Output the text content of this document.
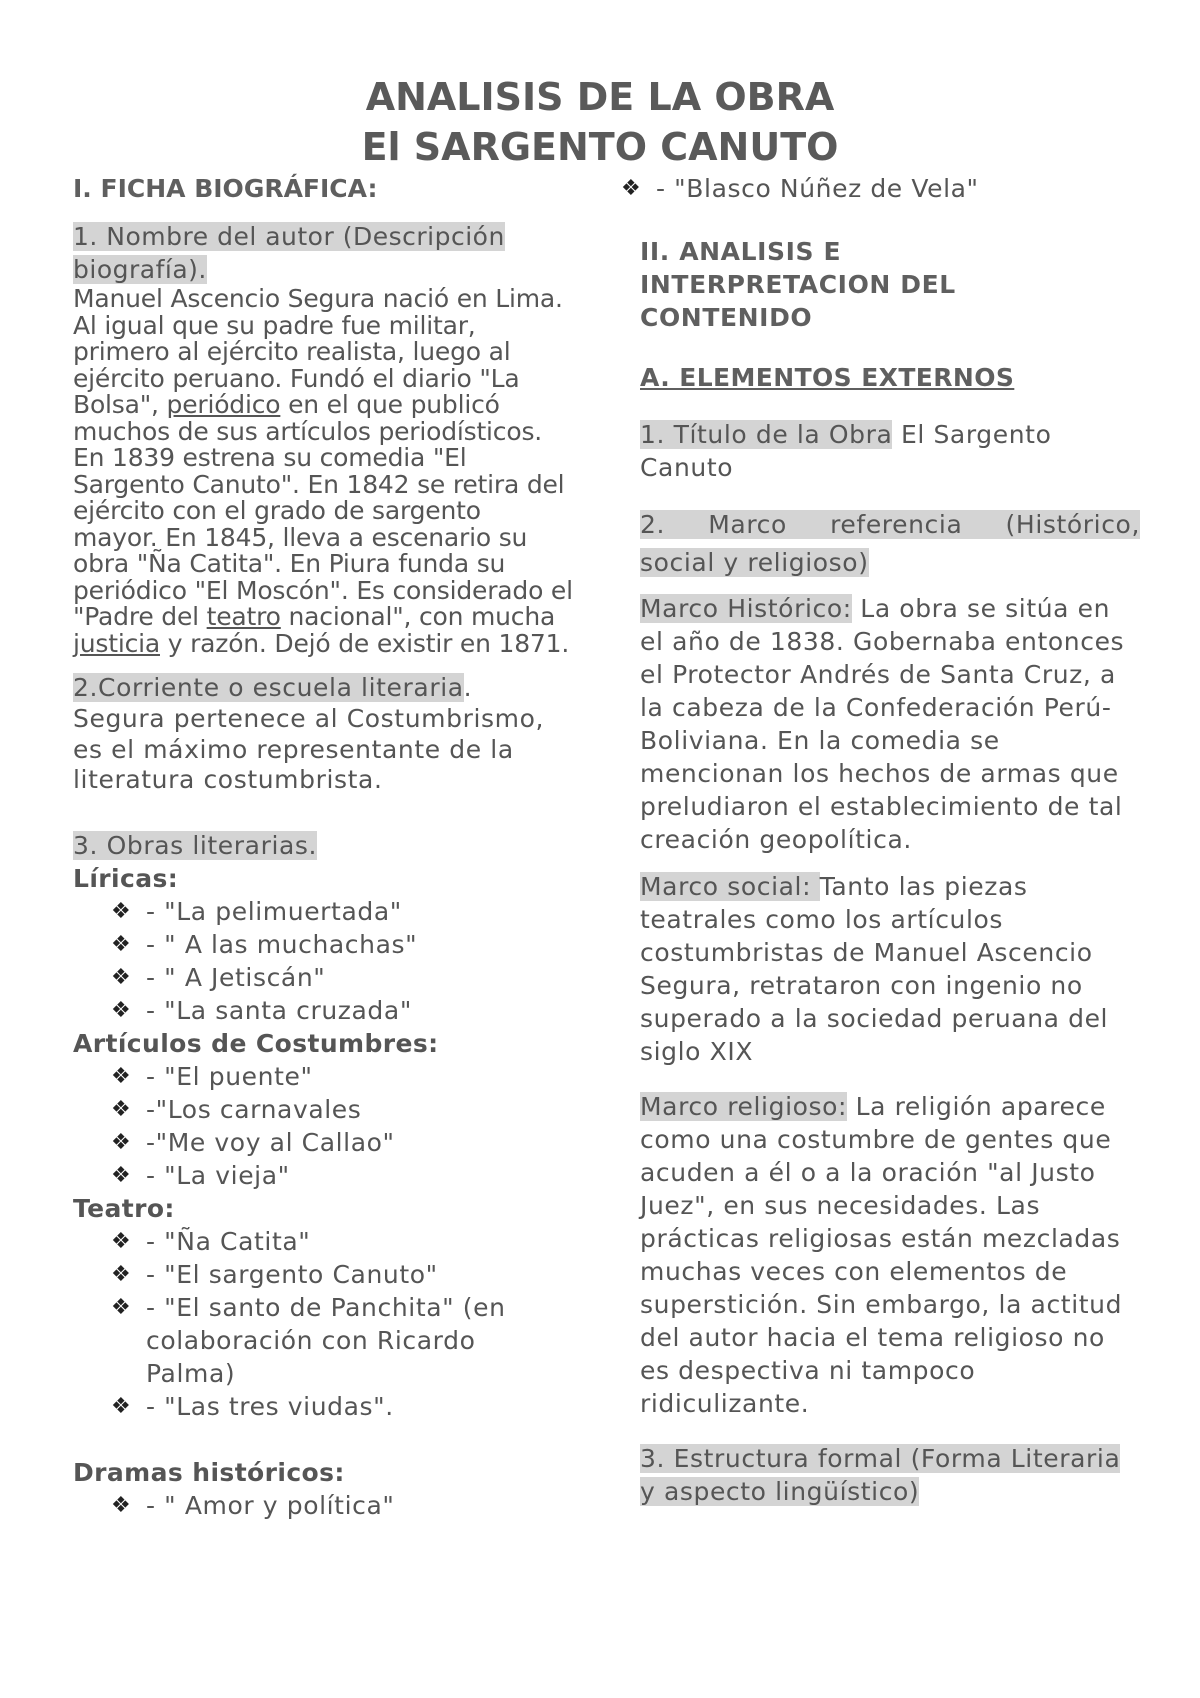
ANALISIS DE LA OBRA
El SARGENTO CANUTO
I. FICHA BIOGRÁFICA:
1. Nombre del autor (Descripción
biografía).
Manuel Ascencio Segura nació en Lima. Al igual que su padre fue militar, primero al ejército realista, luego al ejército peruano. Fundó el diario "La Bolsa", periódico en el que publicó muchos de sus artículos periodísticos. En 1839 estrena su comedia "El Sargento Canuto". En 1842 se retira del ejército con el grado de sargento mayor. En 1845, lleva a escenario su obra "Ña Catita". En Piura funda su periódico "El Moscón". Es considerado el "Padre del teatro nacional", con mucha justicia y razón. Dejó de existir en 1871.
2.Corriente o escuela literaria.
Segura pertenece al Costumbrismo, es el máximo representante de la literatura costumbrista.
3. Obras literarias.
Líricas:
❖ - "La pelimuertada"
❖ - " A las muchachas"
❖ - " A Jetiscán"
❖ - "La santa cruzada"
Artículos de Costumbres:
❖ - "El puente"
❖ -"Los carnavales
❖ -"Me voy al Callao"
❖ - "La vieja"
Teatro:
❖ - "Ña Catita"
❖ - "El sargento Canuto"
❖ - "El santo de Panchita" (en colaboración con Ricardo Palma)
❖ - "Las tres viudas".
Dramas históricos:
❖ - " Amor y política"
❖ - "Blasco Núñez de Vela"
II. ANALISIS E INTERPRETACION DEL CONTENIDO
A. ELEMENTOS EXTERNOS
1. Título de la Obra El Sargento Canuto
2. Marco referencia (Histórico,
social y religioso)
Marco Histórico: La obra se sitúa en el año de 1838. Gobernaba entonces el Protector Andrés de Santa Cruz, a la cabeza de la Confederación Perú-Boliviana. En la comedia se mencionan los hechos de armas que preludiaron el establecimiento de tal creación geopolítica.
Marco social: Tanto las piezas teatrales como los artículos costumbristas de Manuel Ascencio Segura, retrataron con ingenio no superado a la sociedad peruana del siglo XIX
Marco religioso: La religión aparece como una costumbre de gentes que acuden a él o a la oración "al Justo Juez", en sus necesidades. Las prácticas religiosas están mezcladas muchas veces con elementos de superstición. Sin embargo, la actitud del autor hacia el tema religioso no es despectiva ni tampoco ridiculizante.
3. Estructura formal (Forma Literaria y aspecto lingüístico)
